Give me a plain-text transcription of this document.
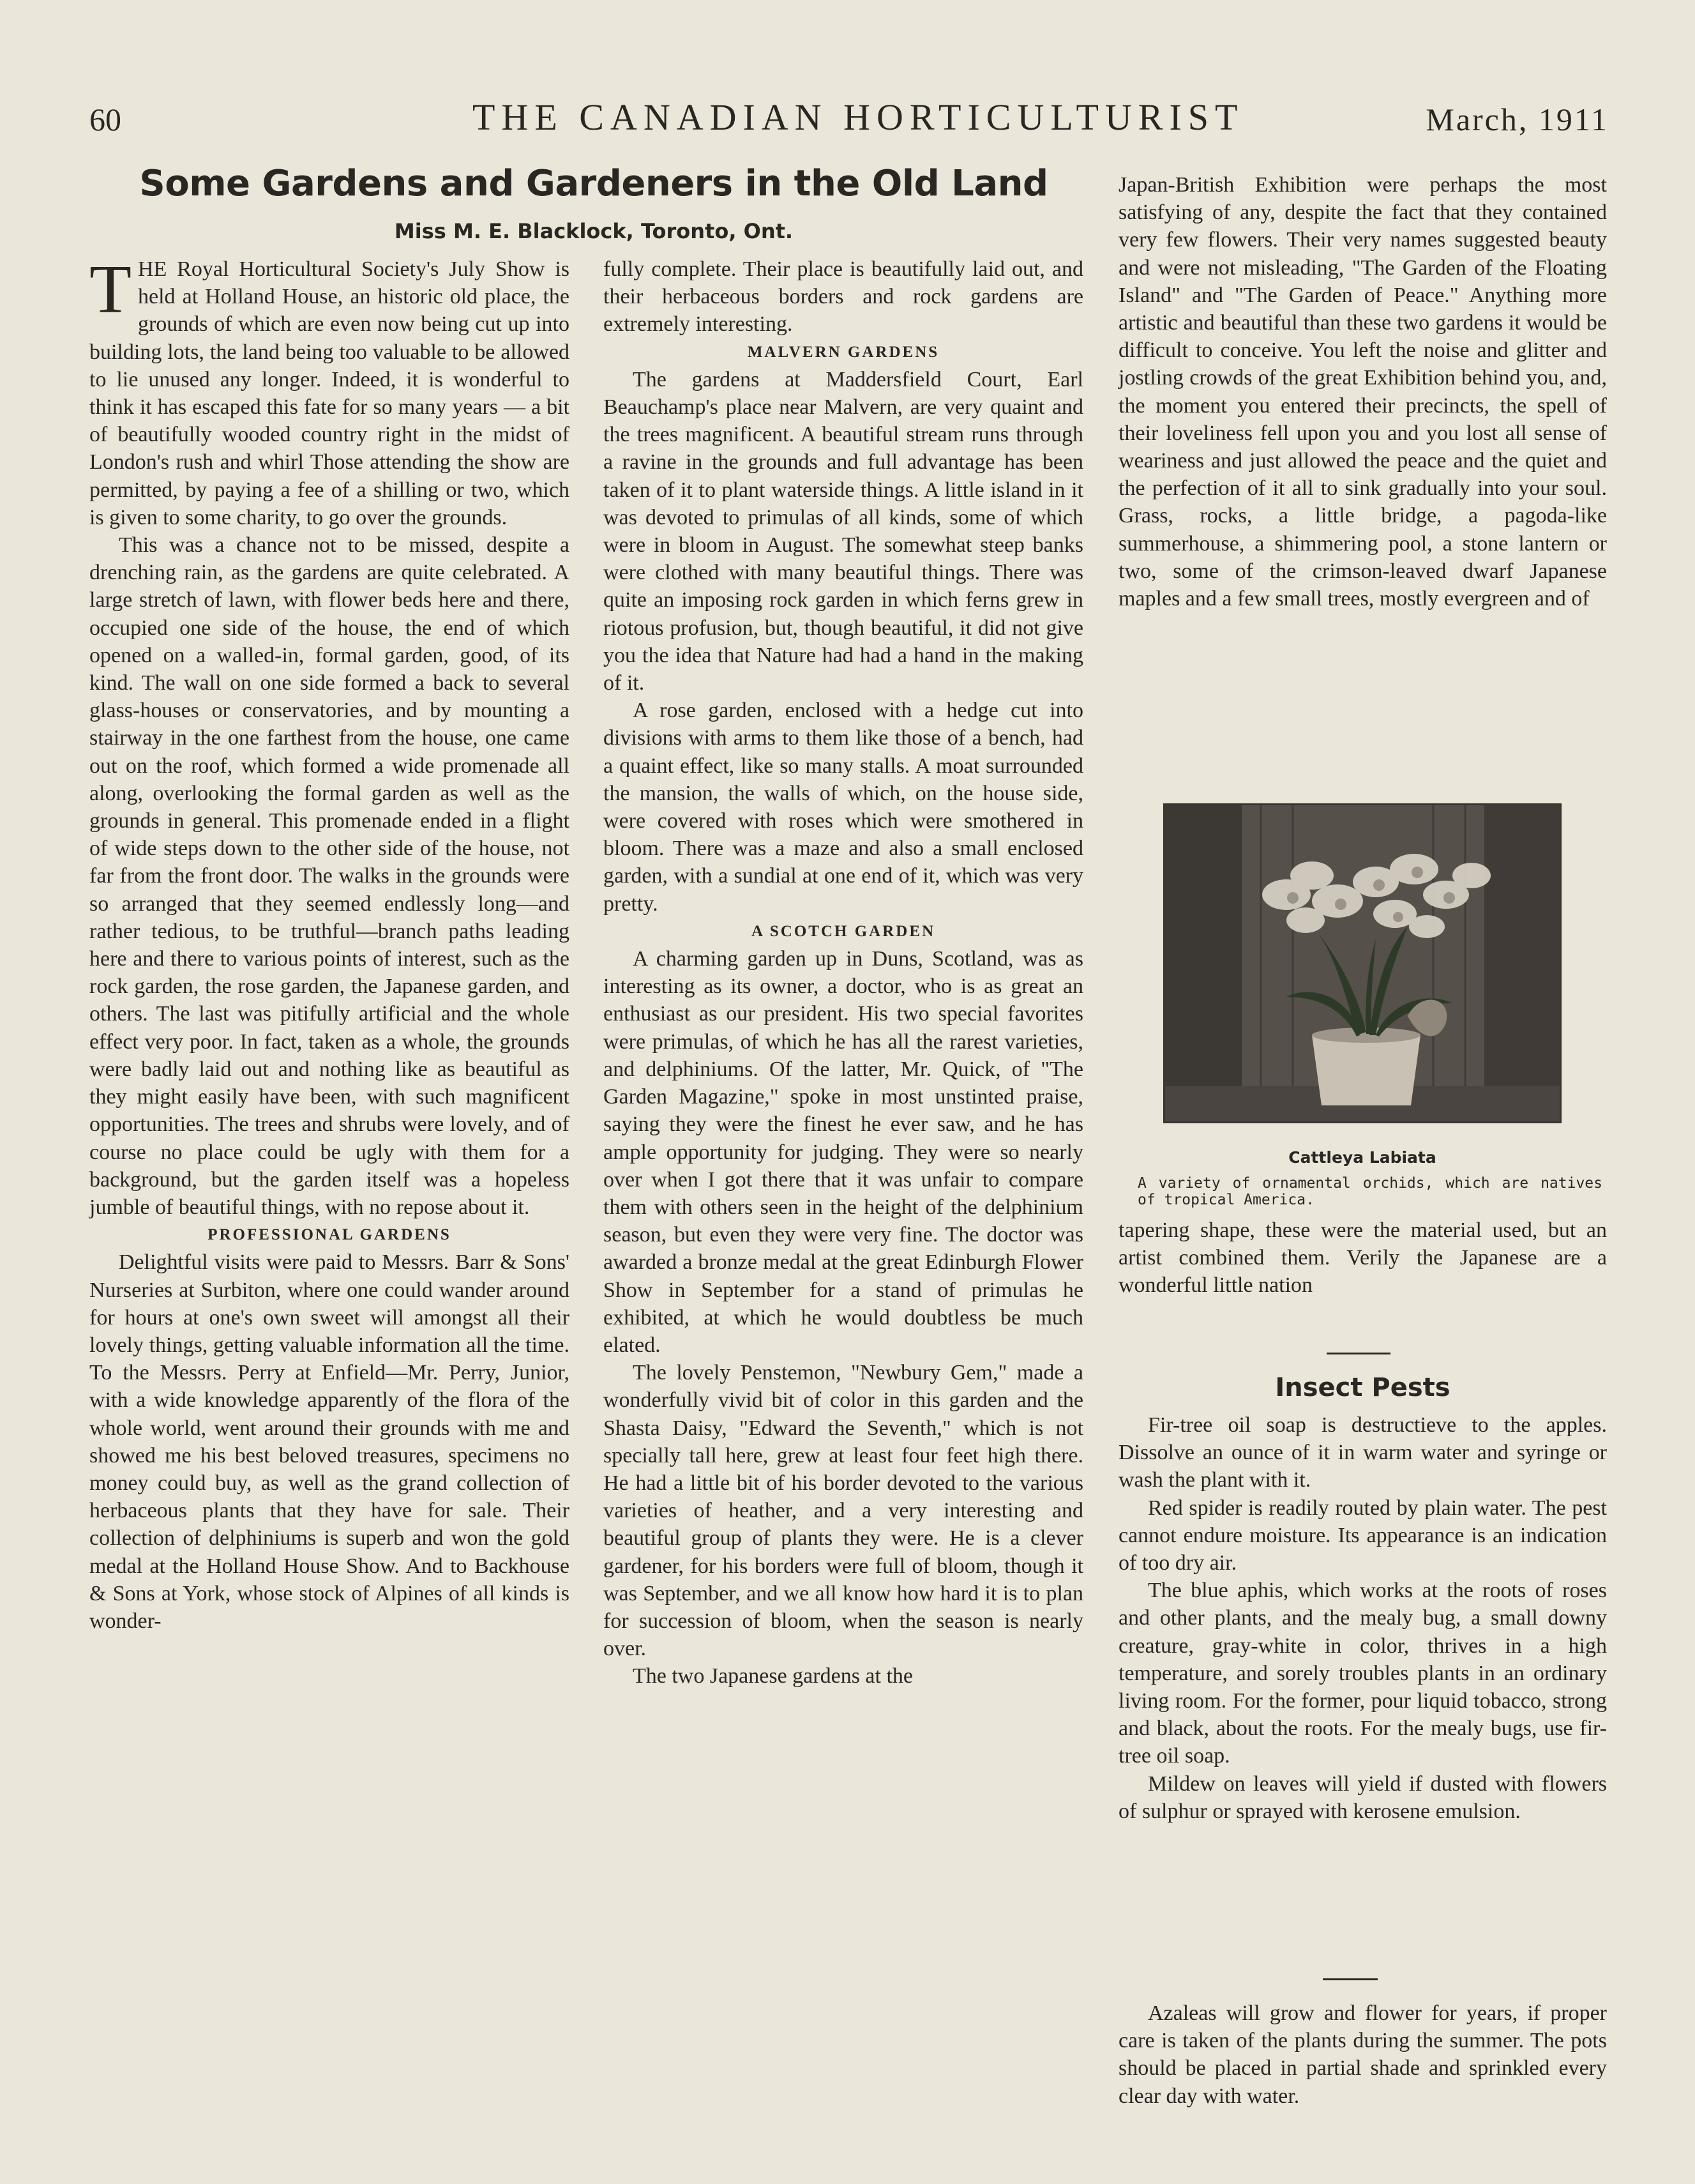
60	THE CANADIAN HORTICULTURIST	March, 1911
Some Gardens and Gardeners in the Old Land
Miss M. E. Blacklock, Toronto, Ont.

THE Royal Horticultural Society's July Show is held at Holland House, an historic old place, the grounds of which are even now being cut up into building lots, the land being too valuable to be allowed to lie unused any longer. Indeed, it is wonderful to think it has escaped this fate for so many years — a bit of beautifully wooded country right in the midst of London's rush and whirl Those attending the show are permitted, by paying a fee of a shilling or two, which is given to some charity, to go over the grounds.

This was a chance not to be missed, despite a drenching rain, as the gardens are quite celebrated. A large stretch of lawn, with flower beds here and there, occupied one side of the house, the end of which opened on a walled-in, formal garden, good, of its kind. The wall on one side formed a back to several glass-houses or conservatories, and by mounting a stairway in the one farthest from the house, one came out on the roof, which formed a wide promenade all along, overlooking the formal garden as well as the grounds in general. This promenade ended in a flight of wide steps down to the other side of the house, not far from the front door. The walks in the grounds were so arranged that they seemed endlessly long—and rather tedious, to be truthful—branch paths leading here and there to various points of interest, such as the rock garden, the rose garden, the Japanese garden, and others. The last was pitifully artificial and the whole effect very poor. In fact, taken as a whole, the grounds were badly laid out and nothing like as beautiful as they might easily have been, with such magnificent opportunities. The trees and shrubs were lovely, and of course no place could be ugly with them for a background, but the garden itself was a hopeless jumble of beautiful things, with no repose about it.

PROFESSIONAL GARDENS

Delightful visits were paid to Messrs. Barr & Sons' Nurseries at Surbiton, where one could wander around for hours at one's own sweet will amongst all their lovely things, getting valuable information all the time. To the Messrs. Perry at Enfield—Mr. Perry, Junior, with a wide knowledge apparently of the flora of the whole world, went around their grounds with me and showed me his best beloved treasures, specimens no money could buy, as well as the grand collection of herbaceous plants that they have for sale. Their collection of delphiniums is superb and won the gold medal at the Holland House Show. And to Backhouse & Sons at York, whose stock of Alpines of all kinds is wonder-

fully complete. Their place is beautifully laid out, and their herbaceous borders and rock gardens are extremely interesting.

MALVERN GARDENS

The gardens at Maddersfield Court, Earl Beauchamp's place near Malvern, are very quaint and the trees magnificent. A beautiful stream runs through a ravine in the grounds and full advantage has been taken of it to plant waterside things. A little island in it was devoted to primulas of all kinds, some of which were in bloom in August. The somewhat steep banks were clothed with many beautiful things. There was quite an imposing rock garden in which ferns grew in riotous profusion, but, though beautiful, it did not give you the idea that Nature had had a hand in the making of it.

A rose garden, enclosed with a hedge cut into divisions with arms to them like those of a bench, had a quaint effect, like so many stalls. A moat surrounded the mansion, the walls of which, on the house side, were covered with roses which were smothered in bloom. There was a maze and also a small enclosed garden, with a sundial at one end of it, which was very pretty.

A SCOTCH GARDEN

A charming garden up in Duns, Scotland, was as interesting as its owner, a doctor, who is as great an enthusiast as our president. His two special favorites were primulas, of which he has all the rarest varieties, and delphiniums. Of the latter, Mr. Quick, of "The Garden Magazine," spoke in most unstinted praise, saying they were the finest he ever saw, and he has ample opportunity for judging. They were so nearly over when I got there that it was unfair to compare them with others seen in the height of the delphinium season, but even they were very fine. The doctor was awarded a bronze medal at the great Edinburgh Flower Show in September for a stand of primulas he exhibited, at which he would doubtless be much elated.

The lovely Penstemon, "Newbury Gem," made a wonderfully vivid bit of color in this garden and the Shasta Daisy, "Edward the Seventh," which is not specially tall here, grew at least four feet high there. He had a little bit of his border devoted to the various varieties of heather, and a very interesting and beautiful group of plants they were. He is a clever gardener, for his borders were full of bloom, though it was September, and we all know how hard it is to plan for succession of bloom, when the season is nearly over.

The two Japanese gardens at the

Japan-British Exhibition were perhaps the most satisfying of any, despite the fact that they contained very few flowers. Their very names suggested beauty and were not misleading, "The Garden of the Floating Island" and "The Garden of Peace." Anything more artistic and beautiful than these two gardens it would be difficult to conceive. You left the noise and glitter and jostling crowds of the great Exhibition behind you, and, the moment you entered their precincts, the spell of their loveliness fell upon you and you lost all sense of weariness and just allowed the peace and the quiet and the perfection of it all to sink gradually into your soul. Grass, rocks, a little bridge, a pagoda-like summerhouse, a shimmering pool, a stone lantern or two, some of the crimson-leaved dwarf Japanese maples and a few small trees, mostly evergreen and of

Cattleya Labiata
A variety of ornamental orchids, which are natives of tropical America.

tapering shape, these were the material used, but an artist combined them. Verily the Japanese are a wonderful little nation

Insect Pests

Fir-tree oil soap is destructieve to the apples. Dissolve an ounce of it in warm water and syringe or wash the plant with it.

Red spider is readily routed by plain water. The pest cannot endure moisture. Its appearance is an indication of too dry air.

The blue aphis, which works at the roots of roses and other plants, and the mealy bug, a small downy creature, gray-white in color, thrives in a high temperature, and sorely troubles plants in an ordinary living room. For the former, pour liquid tobacco, strong and black, about the roots. For the mealy bugs, use fir-tree oil soap.

Mildew on leaves will yield if dusted with flowers of sulphur or sprayed with kerosene emulsion.

Azaleas will grow and flower for years, if proper care is taken of the plants during the summer. The pots should be placed in partial shade and sprinkled every clear day with water.
